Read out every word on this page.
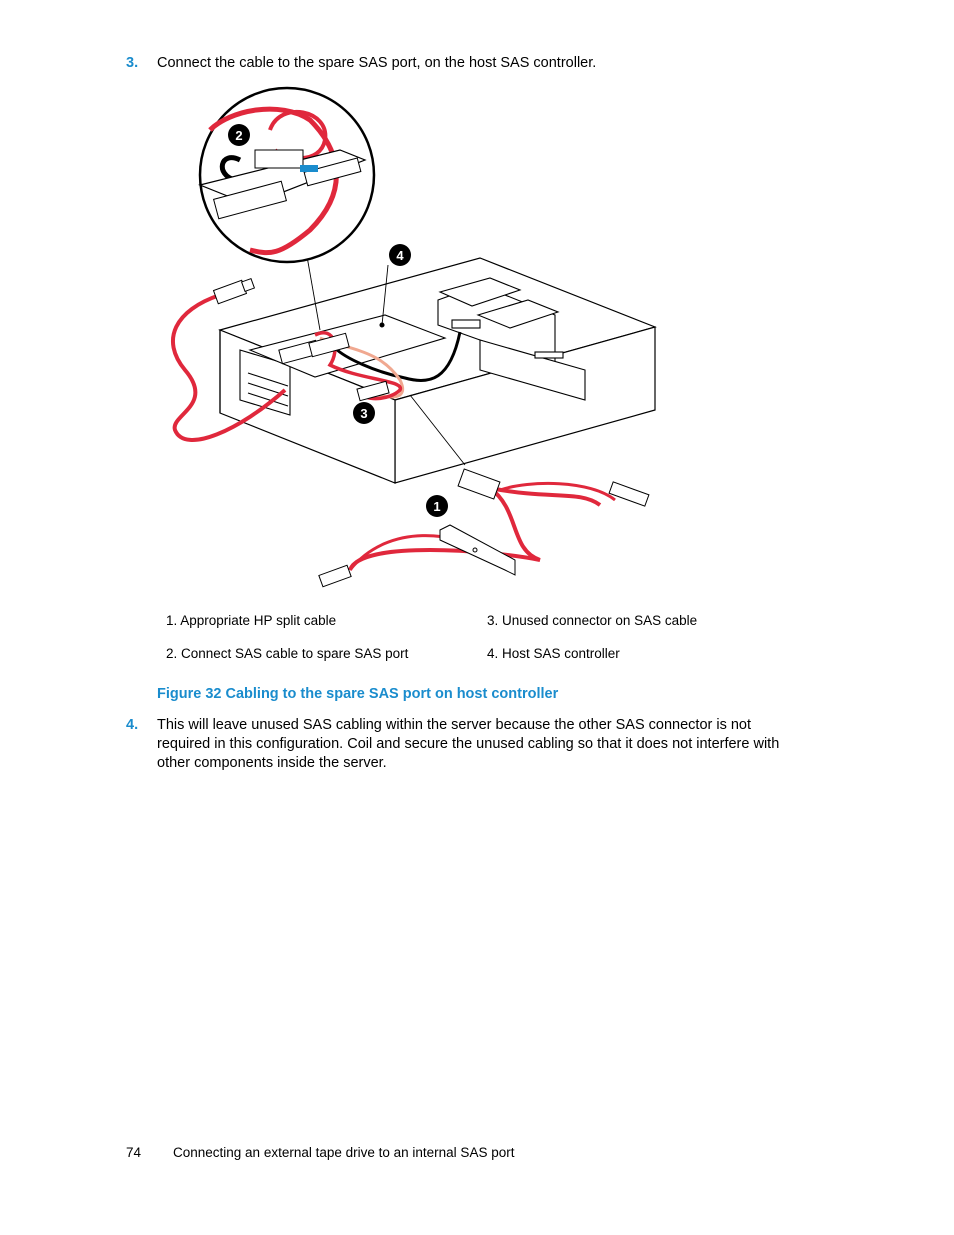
3. Connect the cable to the spare SAS port, on the host SAS controller.
2
4
3
1
1. Appropriate HP split cable
2. Connect SAS cable to spare SAS port
3. Unused connector on SAS cable
4. Host SAS controller
Figure 32 Cabling to the spare SAS port on host controller
4. This will leave unused SAS cabling within the server because the other SAS connector is not required in this configuration. Coil and secure the unused cabling so that it does not interfere with other components inside the server.
74 Connecting an external tape drive to an internal SAS port
